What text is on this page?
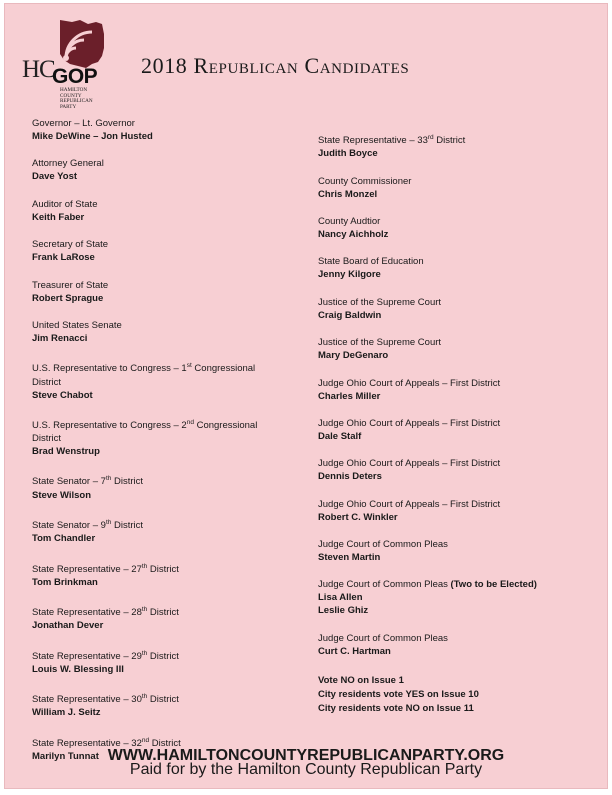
HC
GOP
HAMILTON
COUNTY
REPUBLICAN
PARTY
2018 Republican Candidates
Governor – Lt. Governor
Mike DeWine – Jon Husted
Attorney General
Dave Yost
Auditor of State
Keith Faber
Secretary of State
Frank LaRose
Treasurer of State
Robert Sprague
United States Senate
Jim Renacci
U.S. Representative to Congress – 1st Congressional District
Steve Chabot
U.S. Representative to Congress – 2nd Congressional District
Brad Wenstrup
State Senator – 7th District
Steve Wilson
State Senator – 9th District
Tom Chandler
State Representative – 27th District
Tom Brinkman
State Representative – 28th District
Jonathan Dever
State Representative – 29th District
Louis W. Blessing III
State Representative – 30th District
William J. Seitz
State Representative – 32nd District
Marilyn Tunnat
State Representative – 33rd District
Judith Boyce
County Commissioner
Chris Monzel
County Audtior
Nancy Aichholz
State Board of Education
Jenny Kilgore
Justice of the Supreme Court
Craig Baldwin
Justice of the Supreme Court
Mary DeGenaro
Judge Ohio Court of Appeals – First District
Charles Miller
Judge Ohio Court of Appeals – First District
Dale Stalf
Judge Ohio Court of Appeals – First District
Dennis Deters
Judge Ohio Court of Appeals – First District
Robert C. Winkler
Judge Court of Common Pleas
Steven Martin
Judge Court of Common Pleas (Two to be Elected)
Lisa Allen
Leslie Ghiz
Judge Court of Common Pleas
Curt C. Hartman
Vote NO on Issue 1
City residents vote YES on Issue 10
City residents vote NO on Issue 11
WWW.HAMILTONCOUNTYREPUBLICANPARTY.ORG
Paid for by the Hamilton County Republican Party
